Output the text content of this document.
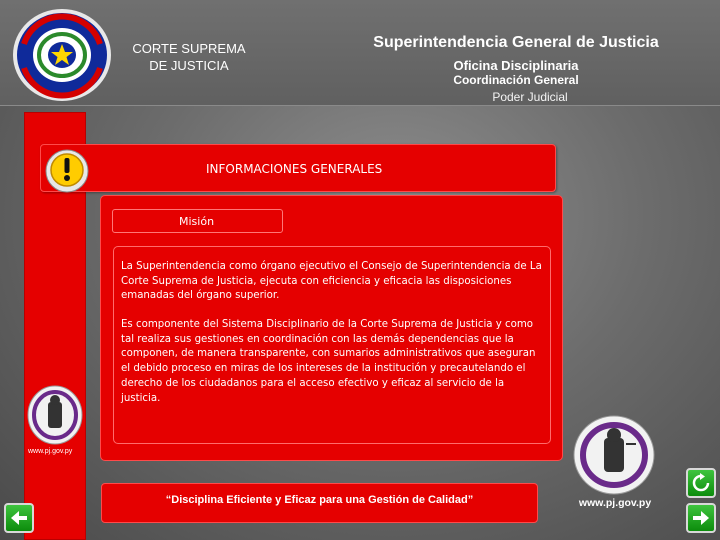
CORTE SUPREMA
DE JUSTICIA
Superintendencia General de Justicia
Oficina Disciplinaria
Coordinación General
Poder Judicial
www.pj.gov.py
INFORMACIONES GENERALES
Misión
La Superintendencia como órgano ejecutivo el Consejo de Superintendencia de La Corte Suprema de Justicia, ejecuta con eficiencia y eficacia las disposiciones emanadas del órgano superior.
Es componente del Sistema Disciplinario de la Corte Suprema de Justicia y como tal realiza sus gestiones en coordinación con las demás dependencias que la componen, de manera transparente, con sumarios administrativos que aseguran el debido proceso en miras de los intereses de la institución y precautelando el derecho de los ciudadanos para el acceso efectivo y eficaz al servicio de la justicia.
“Disciplina Eficiente y Eficaz para una Gestión de Calidad”	www.pj.gov.py
